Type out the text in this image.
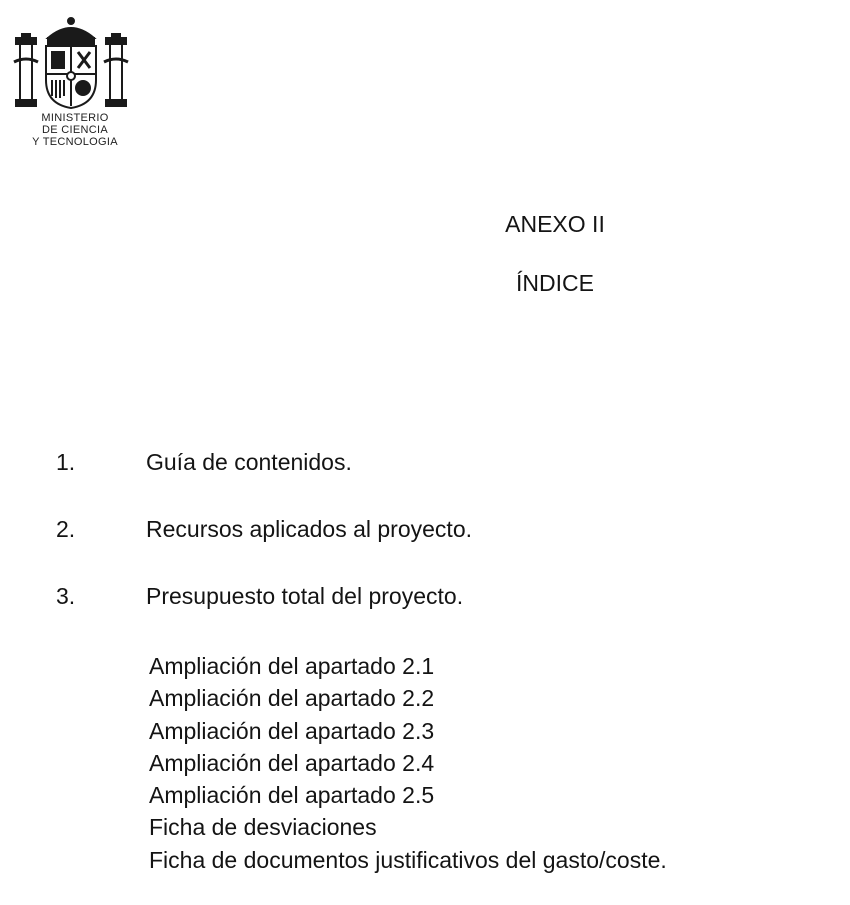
MINISTERIO
DE CIENCIA
Y TECNOLOGIA
ANEXO II
ÍNDICE
1.	Guía de contenidos.
2.	Recursos aplicados al proyecto.
3.	Presupuesto total del proyecto.
Ampliación del apartado 2.1
Ampliación del apartado 2.2
Ampliación del apartado 2.3
Ampliación del apartado 2.4
Ampliación del apartado 2.5
Ficha de desviaciones
Ficha de documentos justificativos del gasto/coste.
